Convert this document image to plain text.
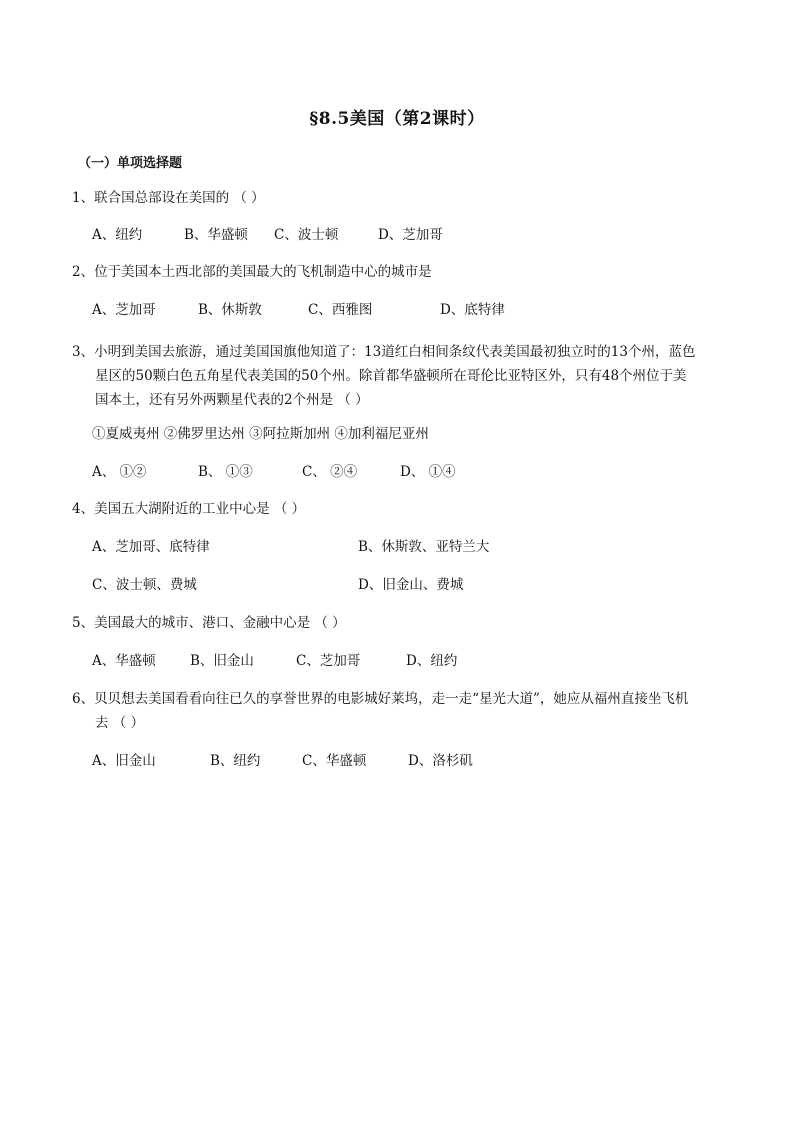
§8.5美国（第2课时）
（一）单项选择题
1、联合国总部设在美国的 （ ）
A、纽约	B、华盛顿 C、波士顿	D、芝加哥
2、位于美国本土西北部的美国最大的飞机制造中心的城市是
A、芝加哥	B、休斯敦	C、西雅图	D、底特律
3、小明到美国去旅游，通过美国国旗他知道了：13道红白相间条纹代表美国最初独立时的13个州，蓝色
星区的50颗白色五角星代表美国的50个州。除首都华盛顿所在哥伦比亚特区外，只有48个州位于美
国本土，还有另外两颗星代表的2个州是 （ ）
①夏威夷州 ②佛罗里达州 ③阿拉斯加州 ④加利福尼亚州
A、 ①②	B、 ①③	C、 ②④	D、 ①④
4、美国五大湖附近的工业中心是 （ ）
A、芝加哥、底特律	B、休斯敦、亚特兰大
C、波士顿、费城	D、旧金山、费城
5、美国最大的城市、港口、金融中心是 （ ）
A、华盛顿	B、旧金山	C、芝加哥	D、纽约
6、贝贝想去美国看看向往已久的享誉世界的电影城好莱坞，走一走“星光大道”，她应从福州直接坐飞机
去 （ ）
A、旧金山	B、纽约	C、华盛顿	D、洛杉矶
